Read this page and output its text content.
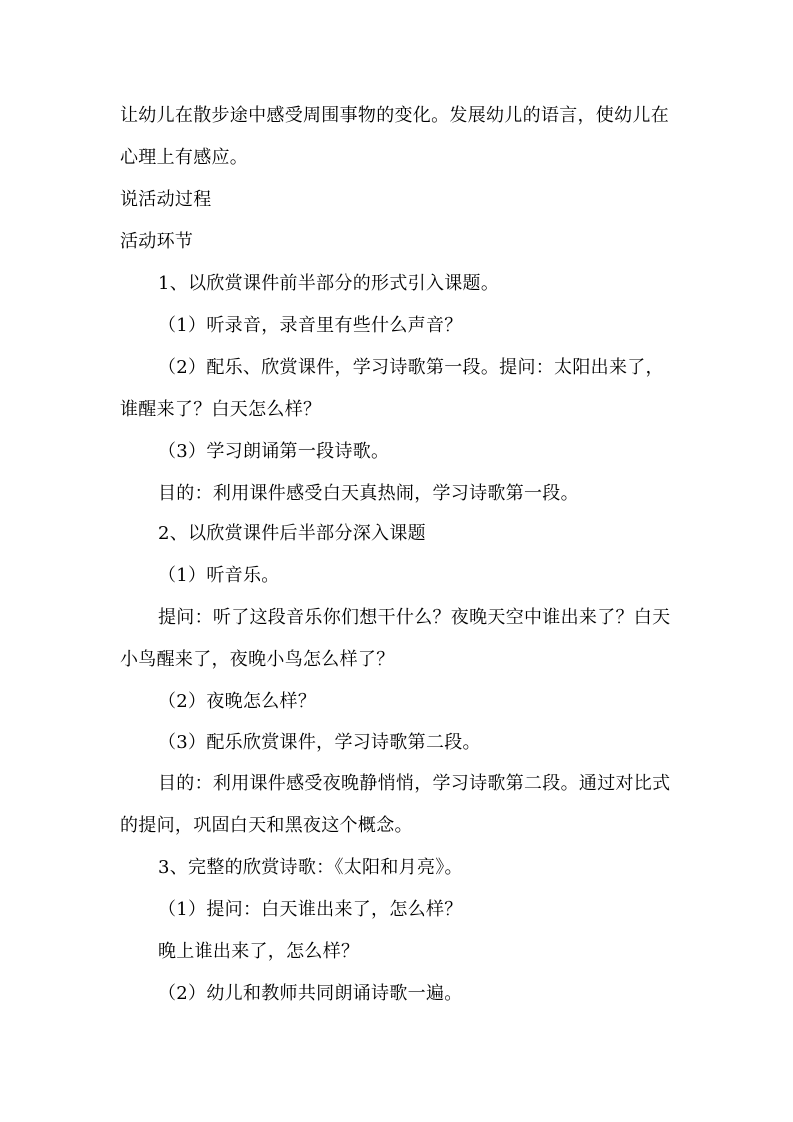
让幼儿在散步途中感受周围事物的变化。发展幼儿的语言，使幼儿在
心理上有感应。
说活动过程
活动环节
1、以欣赏课件前半部分的形式引入课题。
（1）听录音，录音里有些什么声音？
（2）配乐、欣赏课件，学习诗歌第一段。提问：太阳出来了，
谁醒来了？白天怎么样？
（3）学习朗诵第一段诗歌。
目的：利用课件感受白天真热闹，学习诗歌第一段。
2、以欣赏课件后半部分深入课题
（1）听音乐。
提问：听了这段音乐你们想干什么？夜晚天空中谁出来了？白天
小鸟醒来了，夜晚小鸟怎么样了？
（2）夜晚怎么样？
（3）配乐欣赏课件，学习诗歌第二段。
目的：利用课件感受夜晚静悄悄，学习诗歌第二段。通过对比式
的提问，巩固白天和黑夜这个概念。
3、完整的欣赏诗歌：《太阳和月亮》。
（1）提问：白天谁出来了，怎么样？
晚上谁出来了，怎么样？
（2）幼儿和教师共同朗诵诗歌一遍。
